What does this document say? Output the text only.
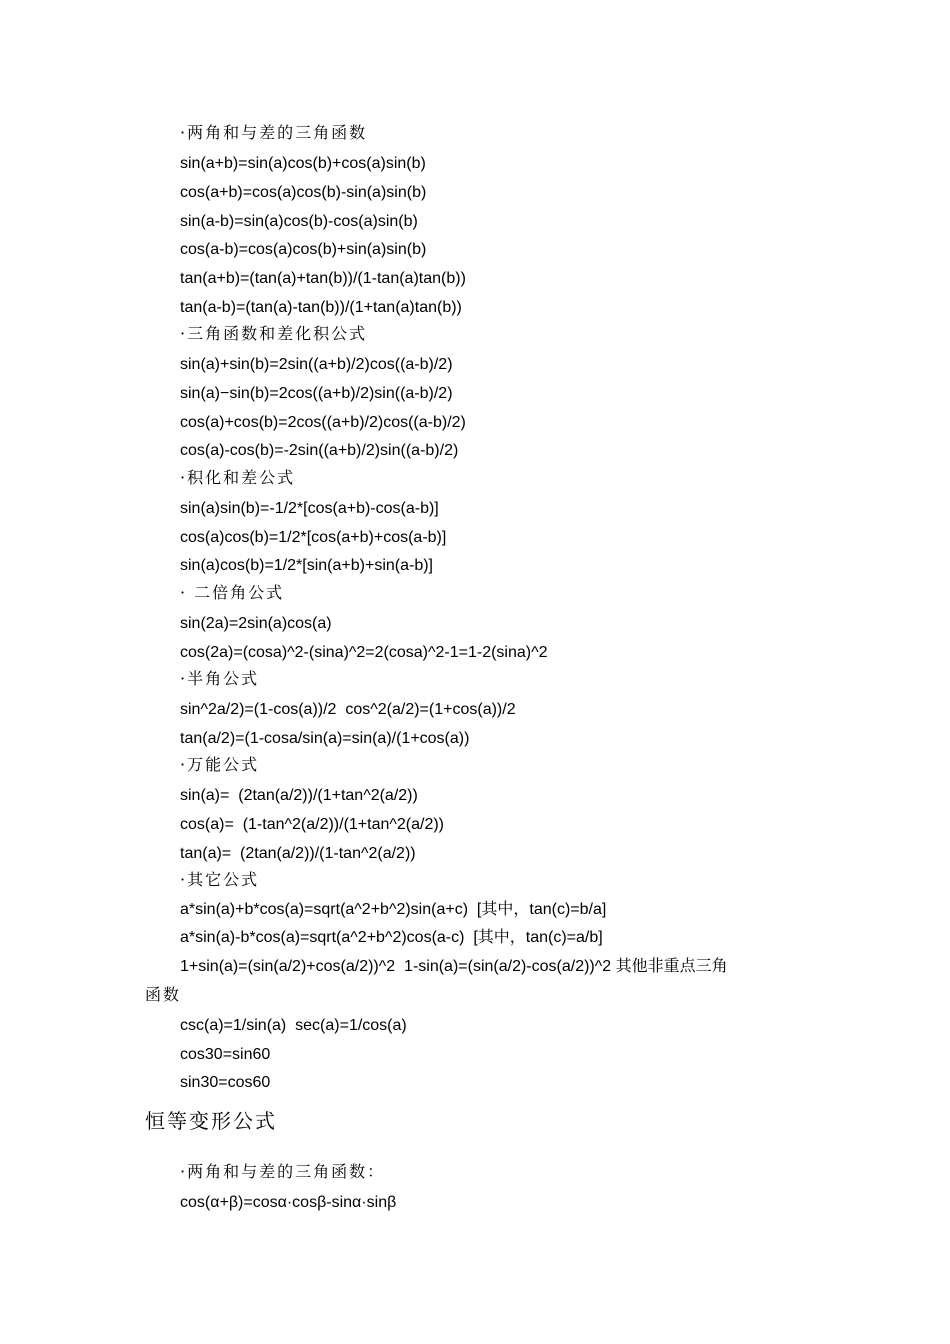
·两角和与差的三角函数
sin(a+b)=sin(a)cos(b)+cos(a)sin(b)
cos(a+b)=cos(a)cos(b)-sin(a)sin(b)
sin(a-b)=sin(a)cos(b)-cos(a)sin(b)
cos(a-b)=cos(a)cos(b)+sin(a)sin(b)
tan(a+b)=(tan(a)+tan(b))/(1-tan(a)tan(b))
tan(a-b)=(tan(a)-tan(b))/(1+tan(a)tan(b))
·三角函数和差化积公式
sin(a)+sin(b)=2sin((a+b)/2)cos((a-b)/2)
sin(a)−sin(b)=2cos((a+b)/2)sin((a-b)/2)
cos(a)+cos(b)=2cos((a+b)/2)cos((a-b)/2)
cos(a)-cos(b)=-2sin((a+b)/2)sin((a-b)/2)
·积化和差公式
sin(a)sin(b)=-1/2*[cos(a+b)-cos(a-b)]
cos(a)cos(b)=1/2*[cos(a+b)+cos(a-b)]
sin(a)cos(b)=1/2*[sin(a+b)+sin(a-b)]
· 二倍角公式
sin(2a)=2sin(a)cos(a)
cos(2a)=(cosa)^2-(sina)^2=2(cosa)^2-1=1-2(sina)^2
·半角公式
sin^2a/2)=(1-cos(a))/2  cos^2(a/2)=(1+cos(a))/2
tan(a/2)=(1-cosa/sin(a)=sin(a)/(1+cos(a))
·万能公式
sin(a)=  (2tan(a/2))/(1+tan^2(a/2))
cos(a)=  (1-tan^2(a/2))/(1+tan^2(a/2))
tan(a)=  (2tan(a/2))/(1-tan^2(a/2))
·其它公式
a*sin(a)+b*cos(a)=sqrt(a^2+b^2)sin(a+c)  [其中，tan(c)=b/a]
a*sin(a)-b*cos(a)=sqrt(a^2+b^2)cos(a-c)  [其中，tan(c)=a/b]
1+sin(a)=(sin(a/2)+cos(a/2))^2  1-sin(a)=(sin(a/2)-cos(a/2))^2 其他非重点三角
函数
csc(a)=1/sin(a)  sec(a)=1/cos(a)
cos30=sin60
sin30=cos60
恒等变形公式
·两角和与差的三角函数：
cos(α+β)=cosα·cosβ-sinα·sinβ
